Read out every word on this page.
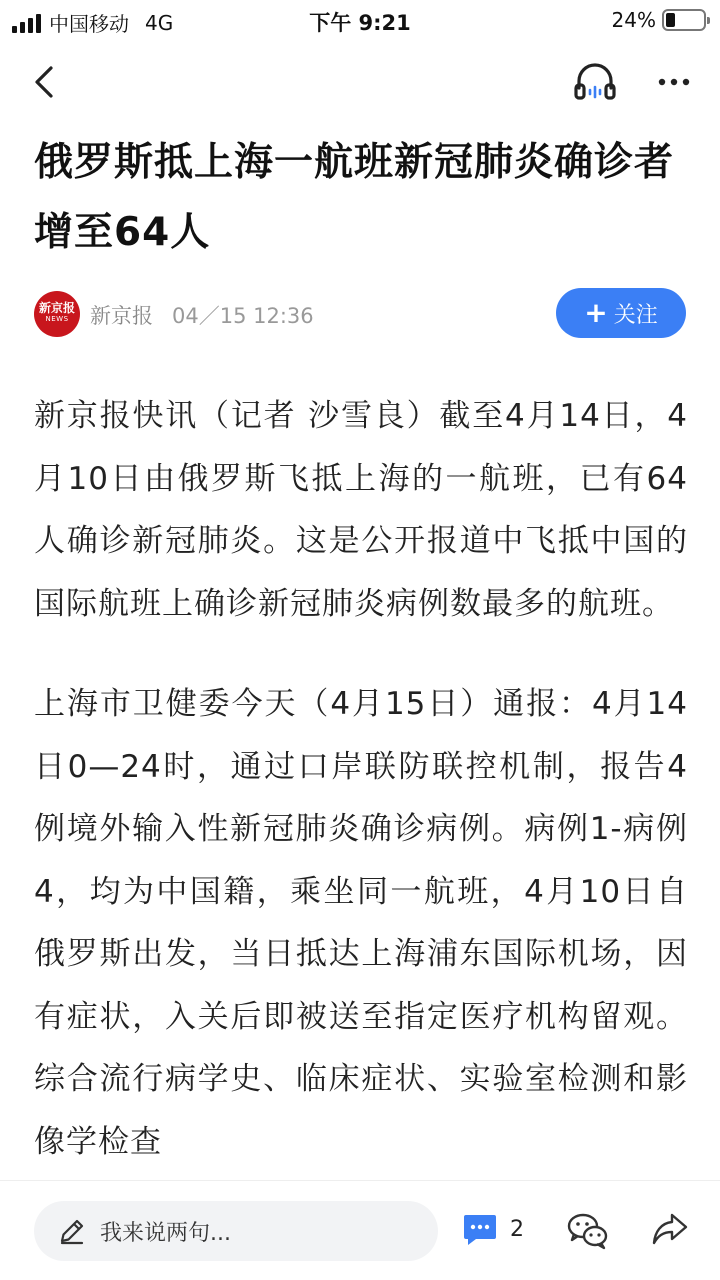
中国移动 4G	下午 9:21	24%
俄罗斯抵上海一航班新冠肺炎确诊者增至64人
新京报
NEWS	新京报 04／15 12:36	+ 关注

新京报快讯（记者 沙雪良）截至4月14日，4月10日由俄罗斯飞抵上海的一航班，已有64人确诊新冠肺炎。这是公开报道中飞抵中国的国际航班上确诊新冠肺炎病例数最多的航班。

上海市卫健委今天（4月15日）通报：4月14日0—24时，通过口岸联防联控机制，报告4例境外输入性新冠肺炎确诊病例。病例1-病例4，均为中国籍，乘坐同一航班，4月10日自俄罗斯出发，当日抵达上海浦东国际机场，因有症状，入关后即被送至指定医疗机构留观。综合流行病学史、临床症状、实验室检测和影像学检查

我来说两句...	2
